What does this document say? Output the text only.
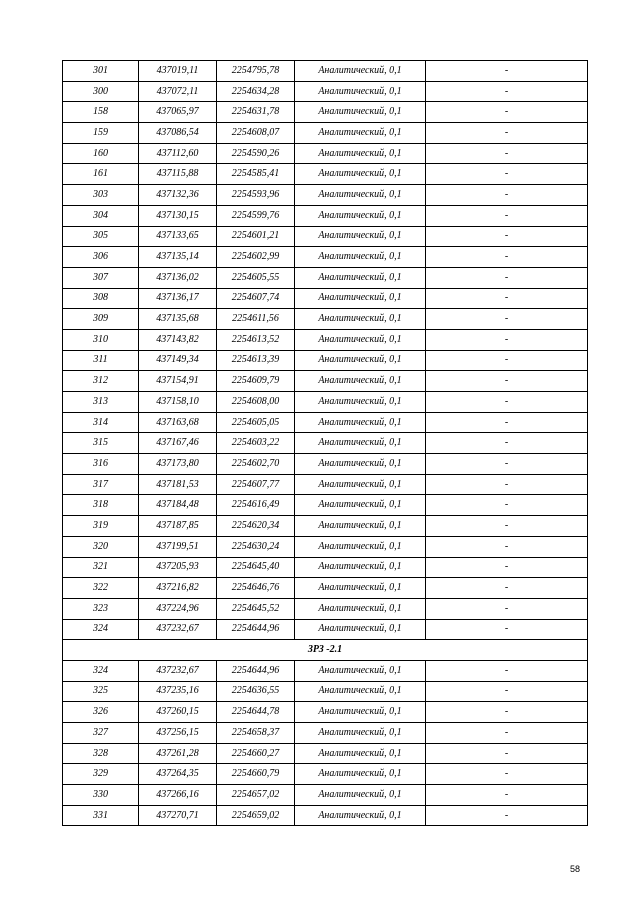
301	437019,11	2254795,78	Аналитический, 0,1	-
300	437072,11	2254634,28	Аналитический, 0,1	-
158	437065,97	2254631,78	Аналитический, 0,1	-
159	437086,54	2254608,07	Аналитический, 0,1	-
160	437112,60	2254590,26	Аналитический, 0,1	-
161	437115,88	2254585,41	Аналитический, 0,1	-
303	437132,36	2254593,96	Аналитический, 0,1	-
304	437130,15	2254599,76	Аналитический, 0,1	-
305	437133,65	2254601,21	Аналитический, 0,1	-
306	437135,14	2254602,99	Аналитический, 0,1	-
307	437136,02	2254605,55	Аналитический, 0,1	-
308	437136,17	2254607,74	Аналитический, 0,1	-
309	437135,68	2254611,56	Аналитический, 0,1	-
310	437143,82	2254613,52	Аналитический, 0,1	-
311	437149,34	2254613,39	Аналитический, 0,1	-
312	437154,91	2254609,79	Аналитический, 0,1	-
313	437158,10	2254608,00	Аналитический, 0,1	-
314	437163,68	2254605,05	Аналитический, 0,1	-
315	437167,46	2254603,22	Аналитический, 0,1	-
316	437173,80	2254602,70	Аналитический, 0,1	-
317	437181,53	2254607,77	Аналитический, 0,1	-
318	437184,48	2254616,49	Аналитический, 0,1	-
319	437187,85	2254620,34	Аналитический, 0,1	-
320	437199,51	2254630,24	Аналитический, 0,1	-
321	437205,93	2254645,40	Аналитический, 0,1	-
322	437216,82	2254646,76	Аналитический, 0,1	-
323	437224,96	2254645,52	Аналитический, 0,1	-
324	437232,67	2254644,96	Аналитический, 0,1	-
ЗРЗ -2.1				
324	437232,67	2254644,96	Аналитический, 0,1	-
325	437235,16	2254636,55	Аналитический, 0,1	-
326	437260,15	2254644,78	Аналитический, 0,1	-
327	437256,15	2254658,37	Аналитический, 0,1	-
328	437261,28	2254660,27	Аналитический, 0,1	-
329	437264,35	2254660,79	Аналитический, 0,1	-
330	437266,16	2254657,02	Аналитический, 0,1	-
331	437270,71	2254659,02	Аналитический, 0,1	-
58
